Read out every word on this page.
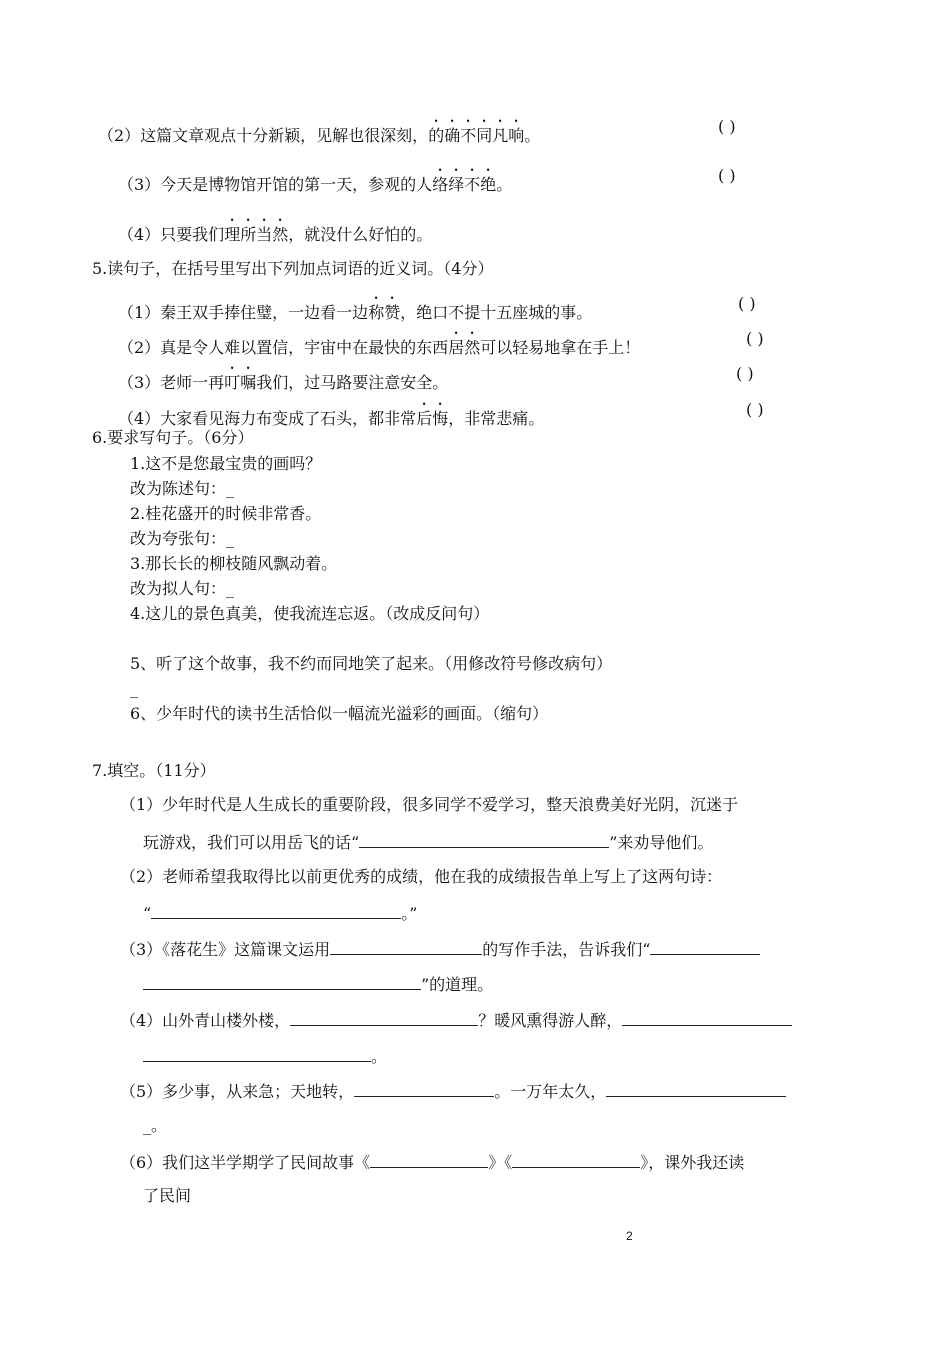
（2）这篇文章观点十分新颖，见解也很深刻，的确不同凡响。	( )
（3）今天是博物馆开馆的第一天，参观的人络绎不绝。	( )
（4）只要我们理所当然，就没什么好怕的。
5.读句子，在括号里写出下列加点词语的近义词。（4分）
（1）秦王双手捧住璧，一边看一边称赞，绝口不提十五座城的事。	( )
（2）真是令人难以置信，宇宙中在最快的东西居然可以轻易地拿在手上！	( )
（3）老师一再叮嘱我们，过马路要注意安全。	( )
（4）大家看见海力布变成了石头，都非常后悔，非常悲痛。	( )
6.要求写句子。（6分）
1.这不是您最宝贵的画吗？
改为陈述句：_
2.桂花盛开的时候非常香。
改为夸张句：_
3.那长长的柳枝随风飘动着。
改为拟人句：_
4.这儿的景色真美，使我流连忘返。（改成反问句）
5、听了这个故事，我不约而同地笑了起来。（用修改符号修改病句）
_
6、少年时代的读书生活恰似一幅流光溢彩的画面。（缩句）
7.填空。（11分）
（1）少年时代是人生成长的重要阶段，很多同学不爱学习，整天浪费美好光阴，沉迷于
玩游戏，我们可以用岳飞的话“	”来劝导他们。
（2）老师希望我取得比以前更优秀的成绩，他在我的成绩报告单上写上了这两句诗：
“	。”
（3）《落花生》这篇课文运用	的写作手法，告诉我们“
”的道理。
（4）山外青山楼外楼，	？暖风熏得游人醉，
。
（5）多少事，从来急；天地转，	。一万年太久，
_。
（6）我们这半学期学了民间故事《	》《	》，课外我还读
了民间
2
